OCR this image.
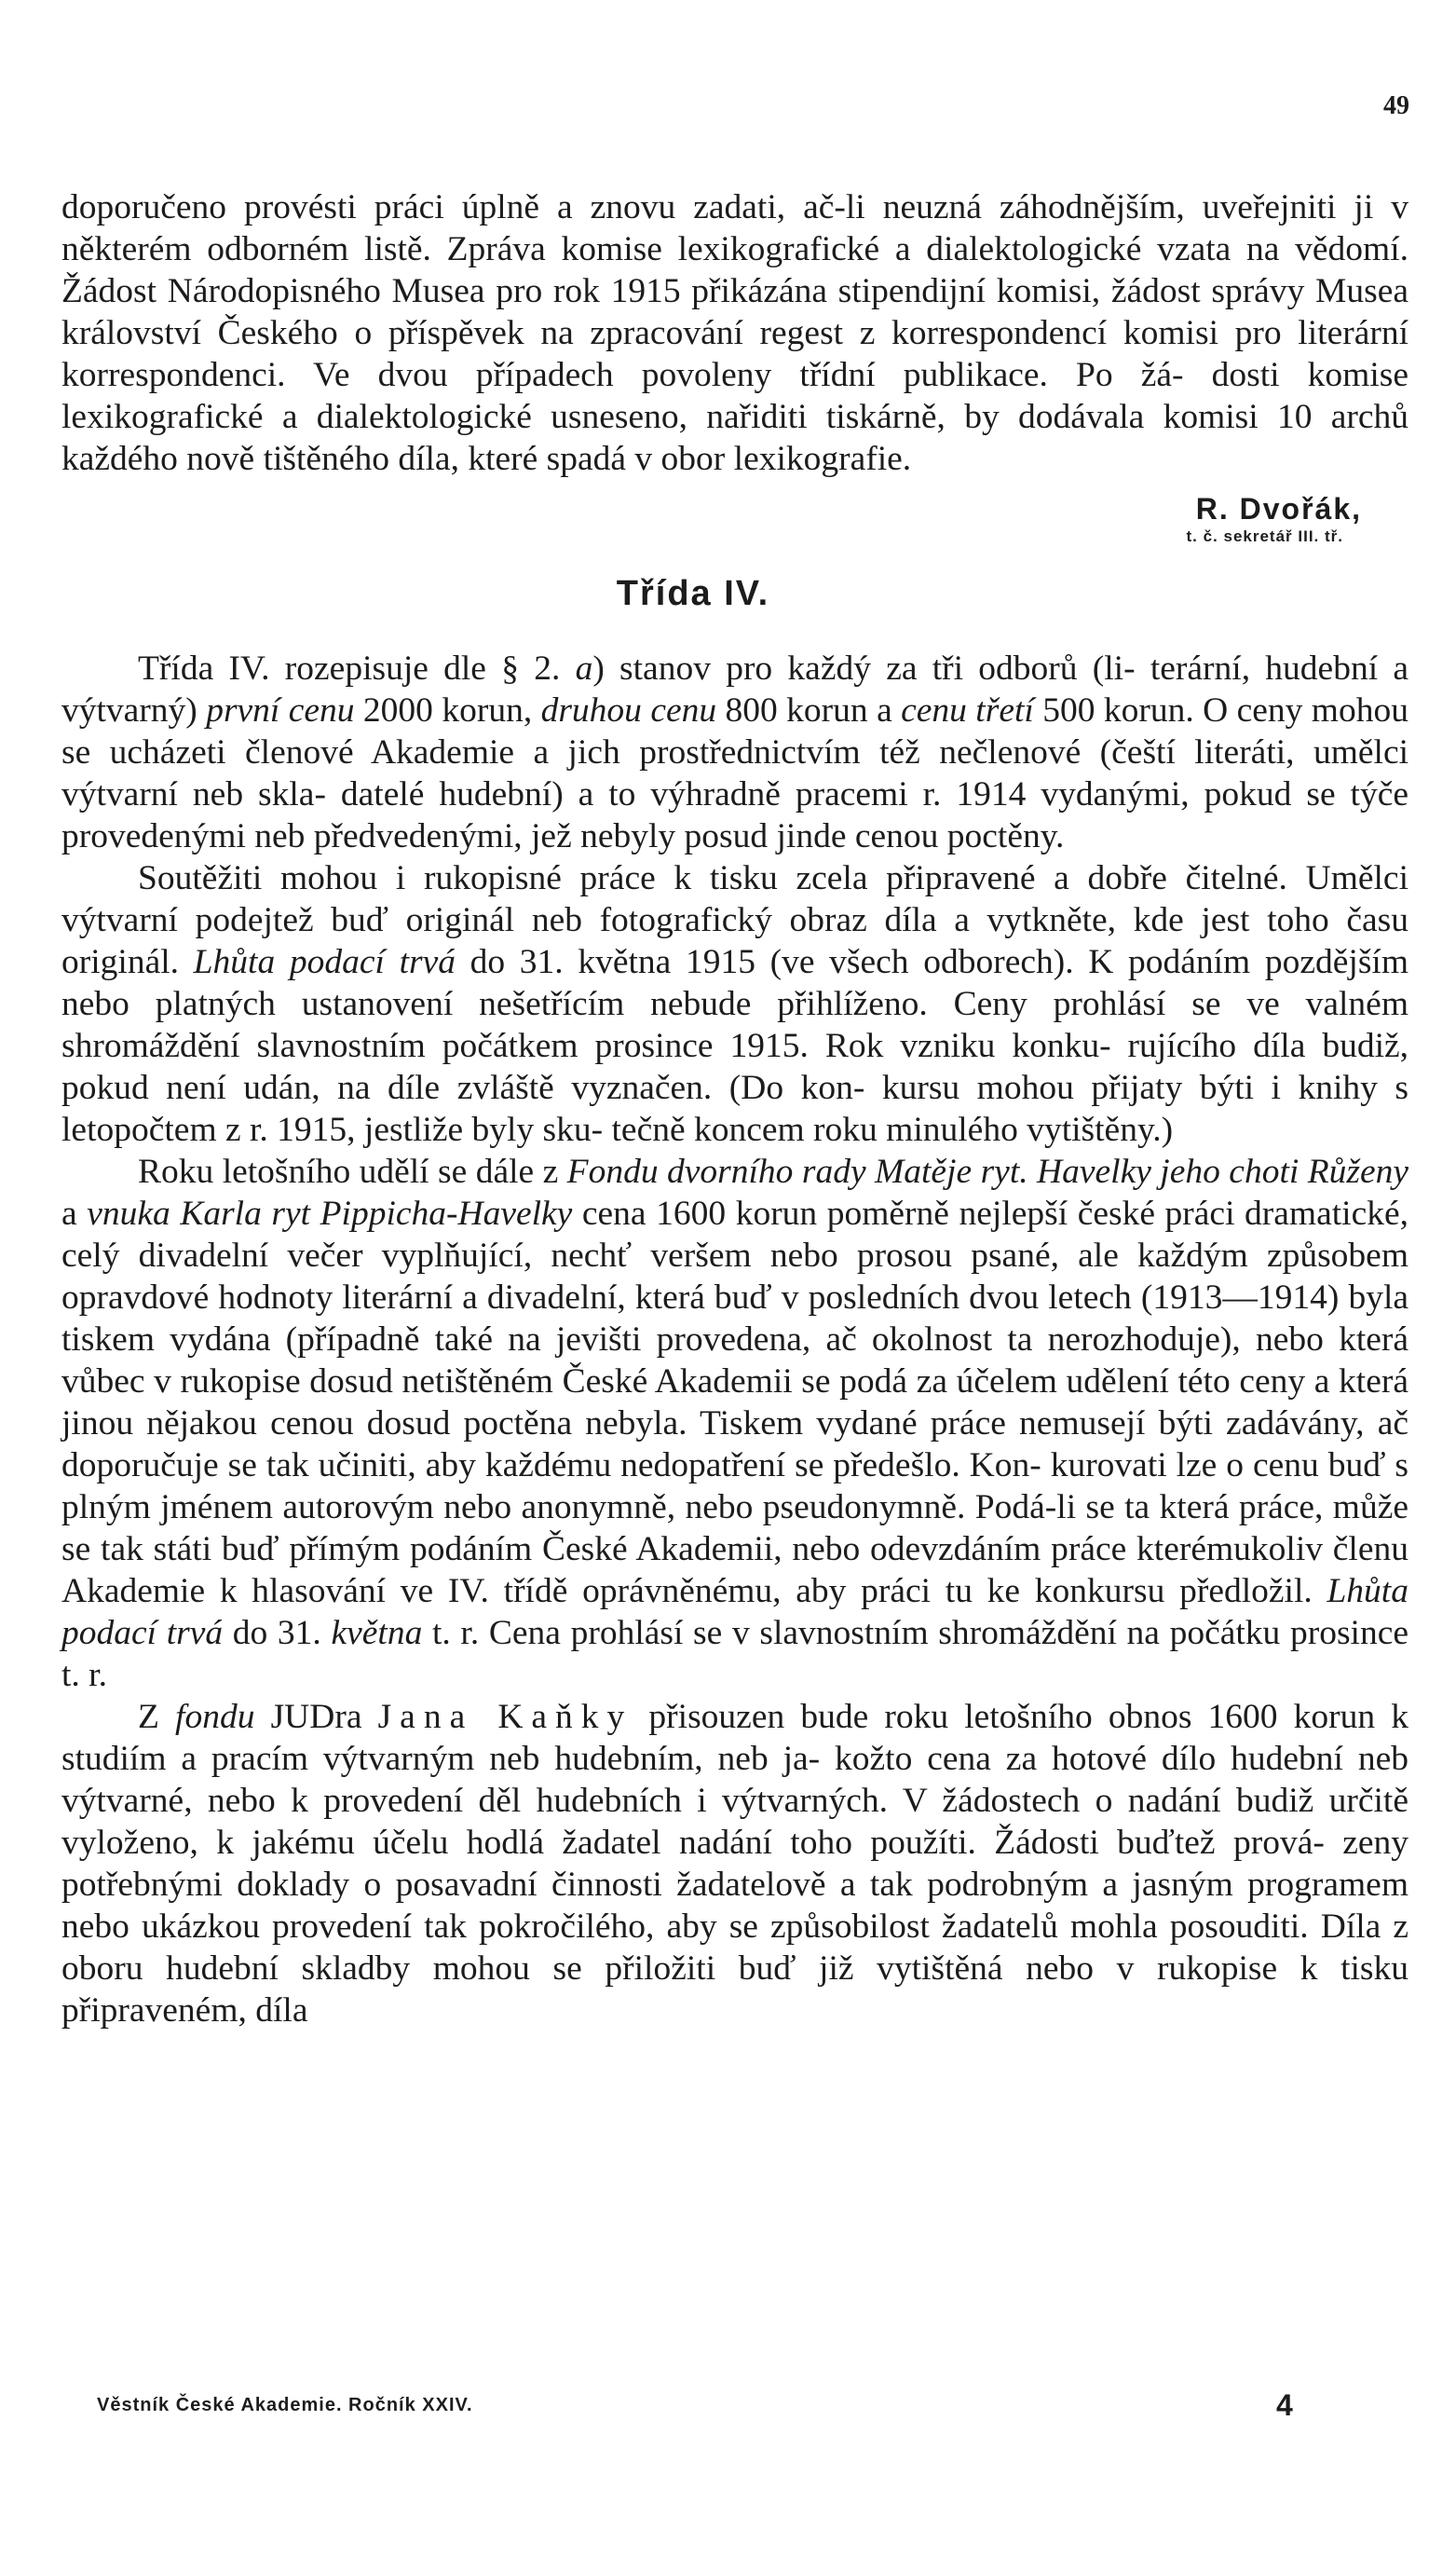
49

doporučeno provésti práci úplně a znovu zadati, ač-li neuzná záhodnějším, uveřejniti ji v některém odborném listě. Zpráva komise lexikografické a dialektologické vzata na vědomí. Žádost Národopisného Musea pro rok 1915 přikázána stipendijní komisi, žádost správy Musea království Českého o příspěvek na zpracování regest z korrespondencí komisi pro literární korrespondenci. Ve dvou případech povoleny třídní publikace. Po žá- dosti komise lexikografické a dialektologické usneseno, nařiditi tiskárně, by dodávala komisi 10 archů každého nově tištěného díla, které spadá v obor lexikografie.

R. Dvořák,
t. č. sekretář III. tř.
Třída IV.

Třída IV. rozepisuje dle § 2. a) stanov pro každý za tři odborů (li- terární, hudební a výtvarný) první cenu 2000 korun, druhou cenu 800 korun a cenu třetí 500 korun. O ceny mohou se ucházeti členové Akademie a jich prostřednictvím též nečlenové (čeští literáti, umělci výtvarní neb skla- datelé hudební) a to výhradně pracemi r. 1914 vydanými, pokud se týče provedenými neb předvedenými, jež nebyly posud jinde cenou poctěny.

Soutěžiti mohou i rukopisné práce k tisku zcela připravené a dobře čitelné. Umělci výtvarní podejtež buď originál neb fotografický obraz díla a vytkněte, kde jest toho času originál. Lhůta podací trvá do 31. května 1915 (ve všech odborech). K podáním pozdějším nebo platných ustanovení nešetřícím nebude přihlíženo. Ceny prohlásí se ve valném shromáždění slavnostním počátkem prosince 1915. Rok vzniku konku- rujícího díla budiž, pokud není udán, na díle zvláště vyznačen. (Do kon- kursu mohou přijaty býti i knihy s letopočtem z r. 1915, jestliže byly sku- tečně koncem roku minulého vytištěny.)

Roku letošního udělí se dále z Fondu dvorního rady Matěje ryt. Havelky jeho choti Růženy a vnuka Karla ryt Pippicha-Havelky cena 1600 korun poměrně nejlepší české práci dramatické, celý divadelní večer vyplňující, nechť veršem nebo prosou psané, ale každým způsobem opravdové hodnoty literární a divadelní, která buď v posledních dvou letech (1913—1914) byla tiskem vydána (případně také na jevišti provedena, ač okolnost ta nerozhoduje), nebo která vůbec v rukopise dosud netištěném České Akademii se podá za účelem udělení této ceny a která jinou nějakou cenou dosud poctěna nebyla. Tiskem vydané práce nemusejí býti zadávány, ač doporučuje se tak učiniti, aby každému nedopatření se předešlo. Kon- kurovati lze o cenu buď s plným jménem autorovým nebo anonymně, nebo pseudonymně. Podá-li se ta která práce, může se tak státi buď přímým podáním České Akademii, nebo odevzdáním práce kterémukoliv členu Akademie k hlasování ve IV. třídě oprávněnému, aby práci tu ke konkursu předložil. Lhůta podací trvá do 31. května t. r. Cena prohlásí se v slavnostním shromáždění na počátku prosince t. r.

Z fondu JUDra Jana Kaňky přisouzen bude roku letošního obnos 1600 korun k studiím a pracím výtvarným neb hudebním, neb ja- kožto cena za hotové dílo hudební neb výtvarné, nebo k provedení děl hudebních i výtvarných. V žádostech o nadání budiž určitě vyloženo, k jakému účelu hodlá žadatel nadání toho použíti. Žádosti buďtež prová- zeny potřebnými doklady o posavadní činnosti žadatelově a tak podrobným a jasným programem nebo ukázkou provedení tak pokročilého, aby se způsobilost žadatelů mohla posouditi. Díla z oboru hudební skladby mohou se přiložiti buď již vytištěná nebo v rukopise k tisku připraveném, díla

Věstník České Akademie. Ročník XXIV.	4
